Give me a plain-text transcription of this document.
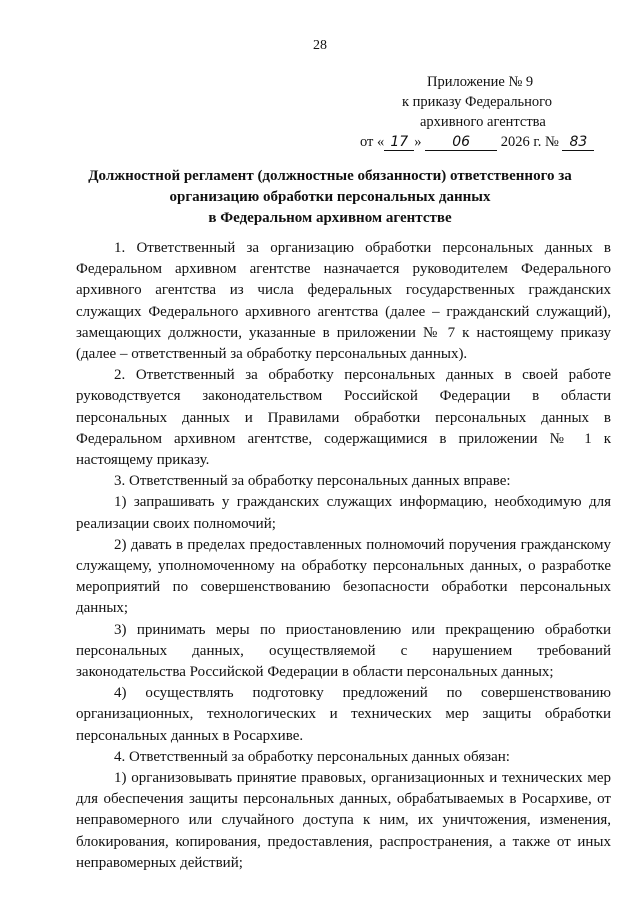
28
Приложение № 9
к приказу Федерального
архивного агентства
от « 17 » 06 2026 г. № 83
Должностной регламент (должностные обязанности) ответственного за
организацию обработки персональных данных
в Федеральном архивном агентстве

1. Ответственный за организацию обработки персональных данных в Федеральном архивном агентстве назначается руководителем Федерального архивного агентства из числа федеральных государственных гражданских служащих Федерального архивного агентства (далее – гражданский служащий), замещающих должности, указанные в приложении № 7 к настоящему приказу (далее – ответственный за обработку персональных данных).

2. Ответственный за обработку персональных данных в своей работе руководствуется законодательством Российской Федерации в области персональных данных и Правилами обработки персональных данных в Федеральном архивном агентстве, содержащимися в приложении № 1 к настоящему приказу.

3. Ответственный за обработку персональных данных вправе:

1) запрашивать у гражданских служащих информацию, необходимую для реализации своих полномочий;

2) давать в пределах предоставленных полномочий поручения гражданскому служащему, уполномоченному на обработку персональных данных, о разработке мероприятий по совершенствованию безопасности обработки персональных данных;

3) принимать меры по приостановлению или прекращению обработки персональных данных, осуществляемой с нарушением требований законодательства Российской Федерации в области персональных данных;

4) осуществлять подготовку предложений по совершенствованию организационных, технологических и технических мер защиты обработки персональных данных в Росархиве.

4. Ответственный за обработку персональных данных обязан:

1) организовывать принятие правовых, организационных и технических мер для обеспечения защиты персональных данных, обрабатываемых в Росархиве, от неправомерного или случайного доступа к ним, их уничтожения, изменения, блокирования, копирования, предоставления, распространения, а также от иных неправомерных действий;
